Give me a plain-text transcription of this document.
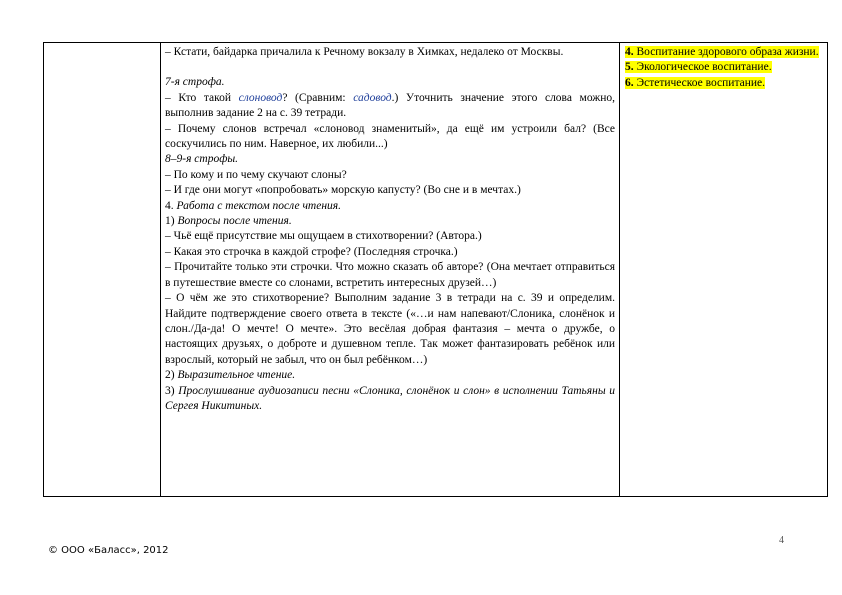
– Кстати, байдарка причалила к Речному вокзалу в Химках, недалеко от Москвы.

7-я строфа.

– Кто такой слоновод? (Сравним: садовод.) Уточнить значение этого слова можно, выполнив задание 2 на с. 39 тетради.

– Почему слонов встречал «слоновод знаменитый», да ещё им устроили бал? (Все соскучились по ним. Наверное, их любили...)

8–9-я строфы.

– По кому и по чему скучают слоны?

– И где они могут «попробовать» морскую капусту? (Во сне и в мечтах.)

4. Работа с текстом после чтения.

1) Вопросы после чтения.

– Чьё ещё присутствие мы ощущаем в стихотворении? (Автора.)

– Какая это строчка в каждой строфе? (Последняя строчка.)

– Прочитайте только эти строчки. Что можно сказать об авторе? (Она мечтает отправиться в путешествие вместе со слонами, встретить интересных друзей…)

– О чём же это стихотворение? Выполним задание 3 в тетради на с. 39 и определим. Найдите подтверждение своего ответа в тексте («…и нам напевают/Слоника, слонёнок и слон./Да-да! О мечте! О мечте». Это весёлая добрая фантазия – мечта о дружбе, о настоящих друзьях, о доброте и душевном тепле. Так может фантазировать ребёнок или взрослый, который не забыл, что он был ребёнком…)

2) Выразительное чтение.

3) Прослушивание аудиозаписи песни «Слоника, слонёнок и слон» в исполнении Татьяны и Сергея Никитиных.

4. Воспитание здорового образа жизни.

5. Экологическое воспитание.

6. Эстетическое воспитание.

4
© ООО «Баласс», 2012
